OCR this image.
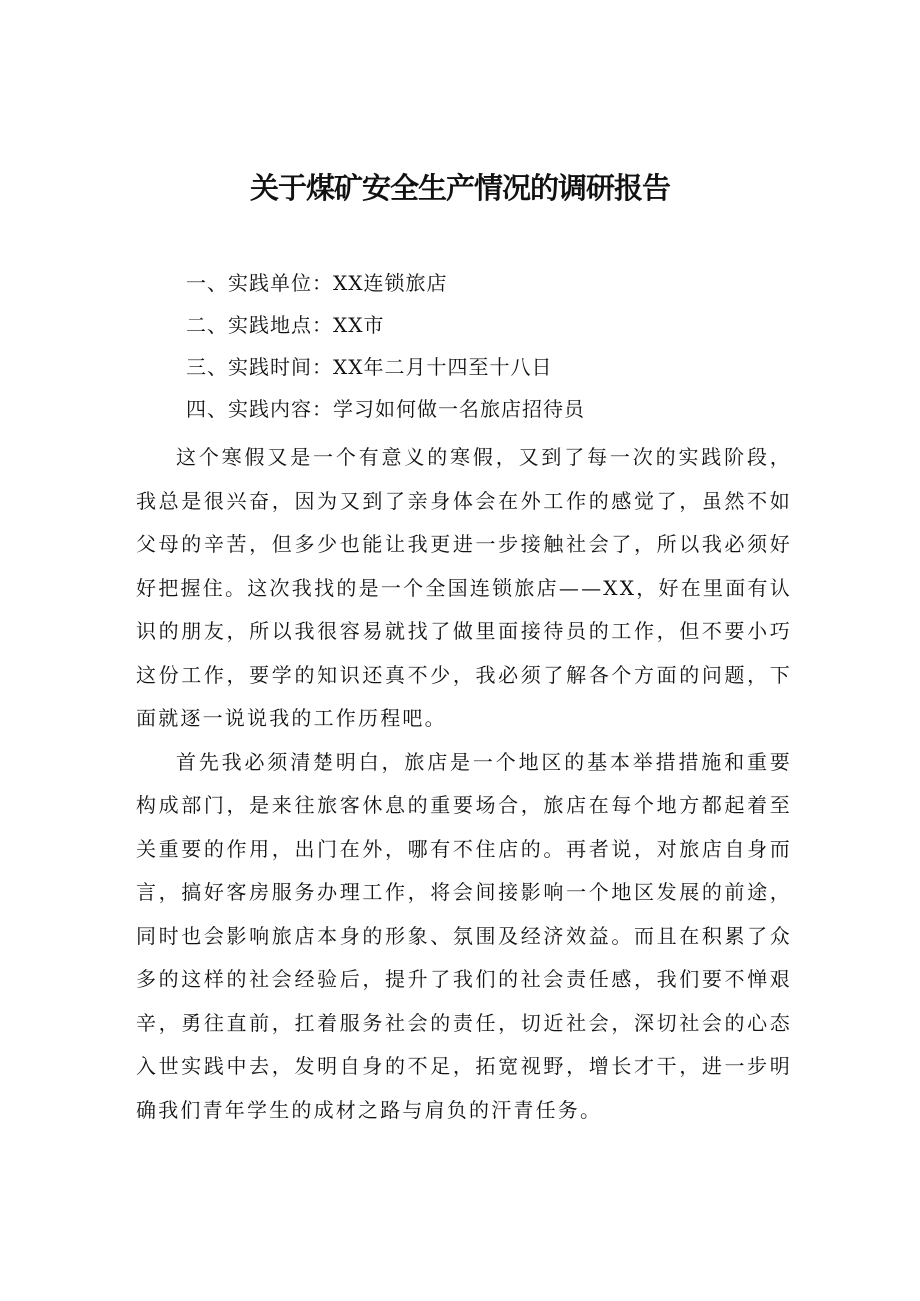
关于煤矿安全生产情况的调研报告
一、实践单位：XX连锁旅店
二、实践地点：XX市
三、实践时间：XX年二月十四至十八日
四、实践内容：学习如何做一名旅店招待员

这个寒假又是一个有意义的寒假，又到了每一次的实践阶段，我总是很兴奋，因为又到了亲身体会在外工作的感觉了，虽然不如父母的辛苦，但多少也能让我更进一步接触社会了，所以我必须好好把握住。这次我找的是一个全国连锁旅店——XX，好在里面有认识的朋友，所以我很容易就找了做里面接待员的工作，但不要小巧这份工作，要学的知识还真不少，我必须了解各个方面的问题，下面就逐一说说我的工作历程吧。

首先我必须清楚明白，旅店是一个地区的基本举措措施和重要构成部门，是来往旅客休息的重要场合，旅店在每个地方都起着至关重要的作用，出门在外，哪有不住店的。再者说，对旅店自身而言，搞好客房服务办理工作，将会间接影响一个地区发展的前途，同时也会影响旅店本身的形象、氛围及经济效益。而且在积累了众多的这样的社会经验后，提升了我们的社会责任感，我们要不惮艰辛，勇往直前，扛着服务社会的责任，切近社会，深切社会的心态入世实践中去，发明自身的不足，拓宽视野，增长才干，进一步明确我们青年学生的成材之路与肩负的汗青任务。
